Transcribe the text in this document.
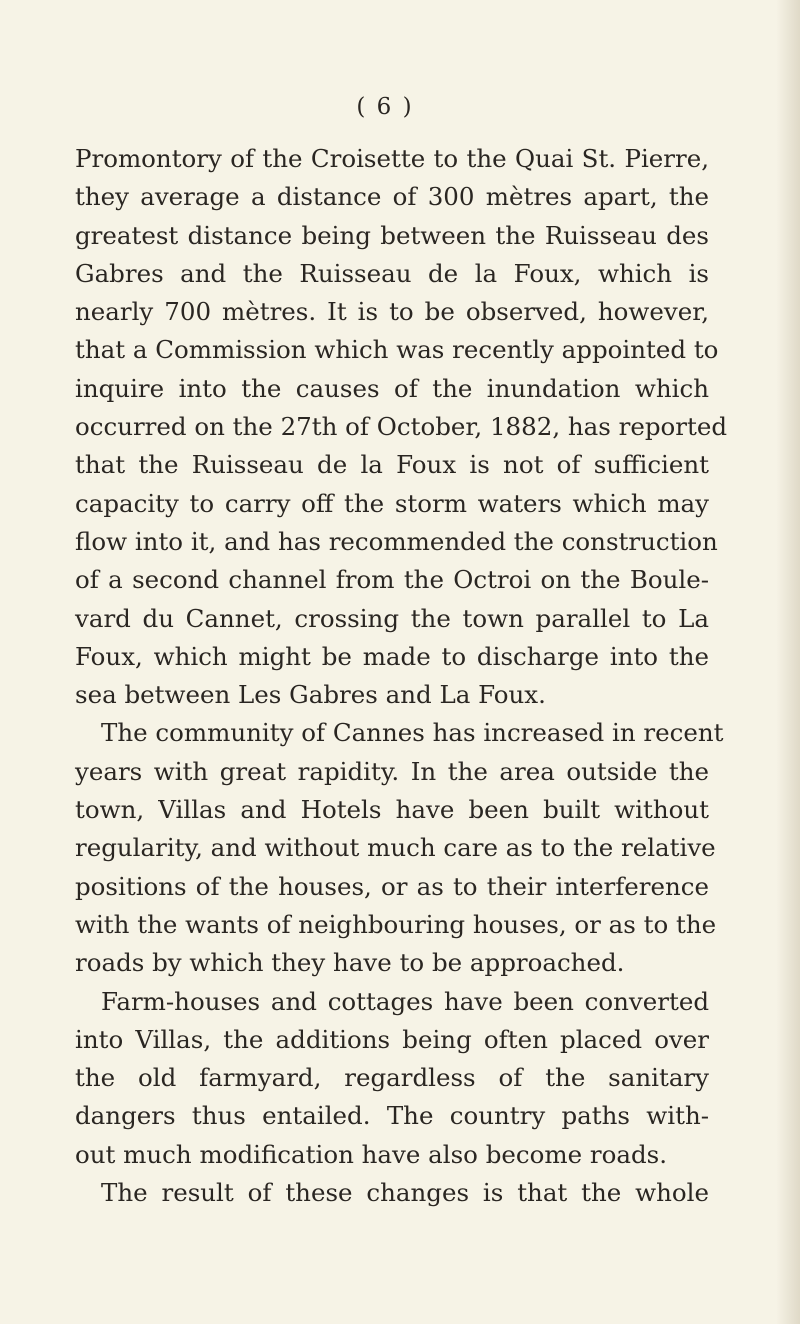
( 6 )
Promontory of the Croisette to the Quai St. Pierre,
they average a distance of 300 mètres apart, the
greatest distance being between the Ruisseau des
Gabres and the Ruisseau de la Foux, which is
nearly 700 mètres. It is to be observed, however,
that a Commission which was recently appointed to
inquire into the causes of the inundation which
occurred on the 27th of October, 1882, has reported
that the Ruisseau de la Foux is not of sufficient
capacity to carry off the storm waters which may
flow into it, and has recommended the construction
of a second channel from the Octroi on the Boule-
vard du Cannet, crossing the town parallel to La
Foux, which might be made to discharge into the
sea between Les Gabres and La Foux.
The community of Cannes has increased in recent
years with great rapidity. In the area outside the
town, Villas and Hotels have been built without
regularity, and without much care as to the relative
positions of the houses, or as to their interference
with the wants of neighbouring houses, or as to the
roads by which they have to be approached.
Farm-houses and cottages have been converted
into Villas, the additions being often placed over
the old farmyard, regardless of the sanitary
dangers thus entailed. The country paths with-
out much modification have also become roads.
The result of these changes is that the whole
